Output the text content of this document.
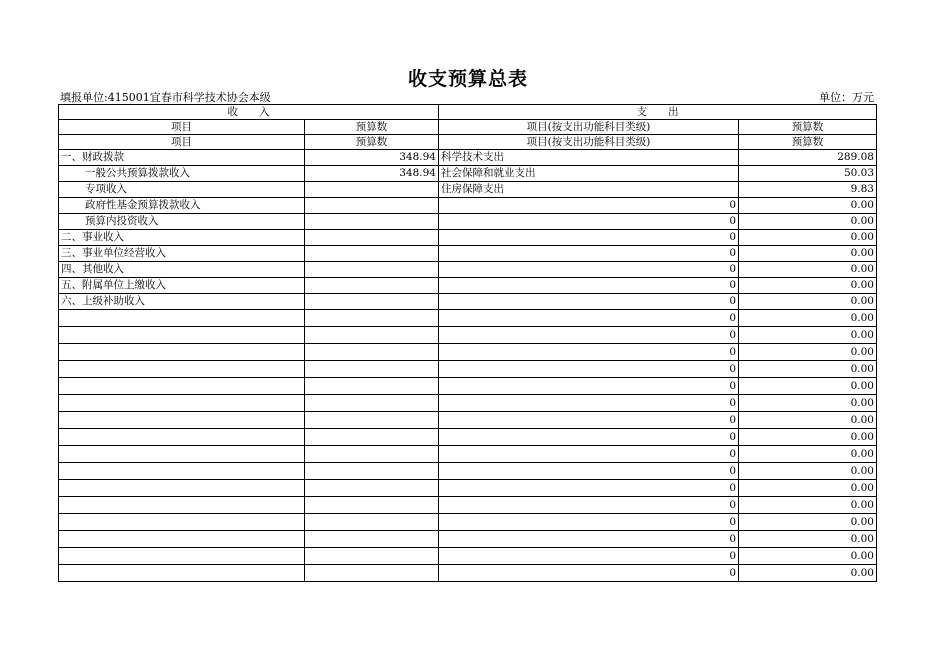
收支预算总表
填报单位:415001宜春市科学技术协会本级	单位：万元
收　　入		支　　出	
项目	预算数	项目(按支出功能科目类级)	预算数
项目	预算数	项目(按支出功能科目类级)	预算数
一、财政拨款	348.94	科学技术支出	289.08
一般公共预算拨款收入	348.94	社会保障和就业支出	50.03
专项收入		住房保障支出	9.83
政府性基金预算拨款收入		0	0.00
预算内投资收入		0	0.00
二、事业收入		0	0.00
三、事业单位经营收入		0	0.00
四、其他收入		0	0.00
五、附属单位上缴收入		0	0.00
六、上级补助收入		0	0.00
		0	0.00
		0	0.00
		0	0.00
		0	0.00
		0	0.00
		0	0.00
		0	0.00
		0	0.00
		0	0.00
		0	0.00
		0	0.00
		0	0.00
		0	0.00
		0	0.00
		0	0.00
		0	0.00
